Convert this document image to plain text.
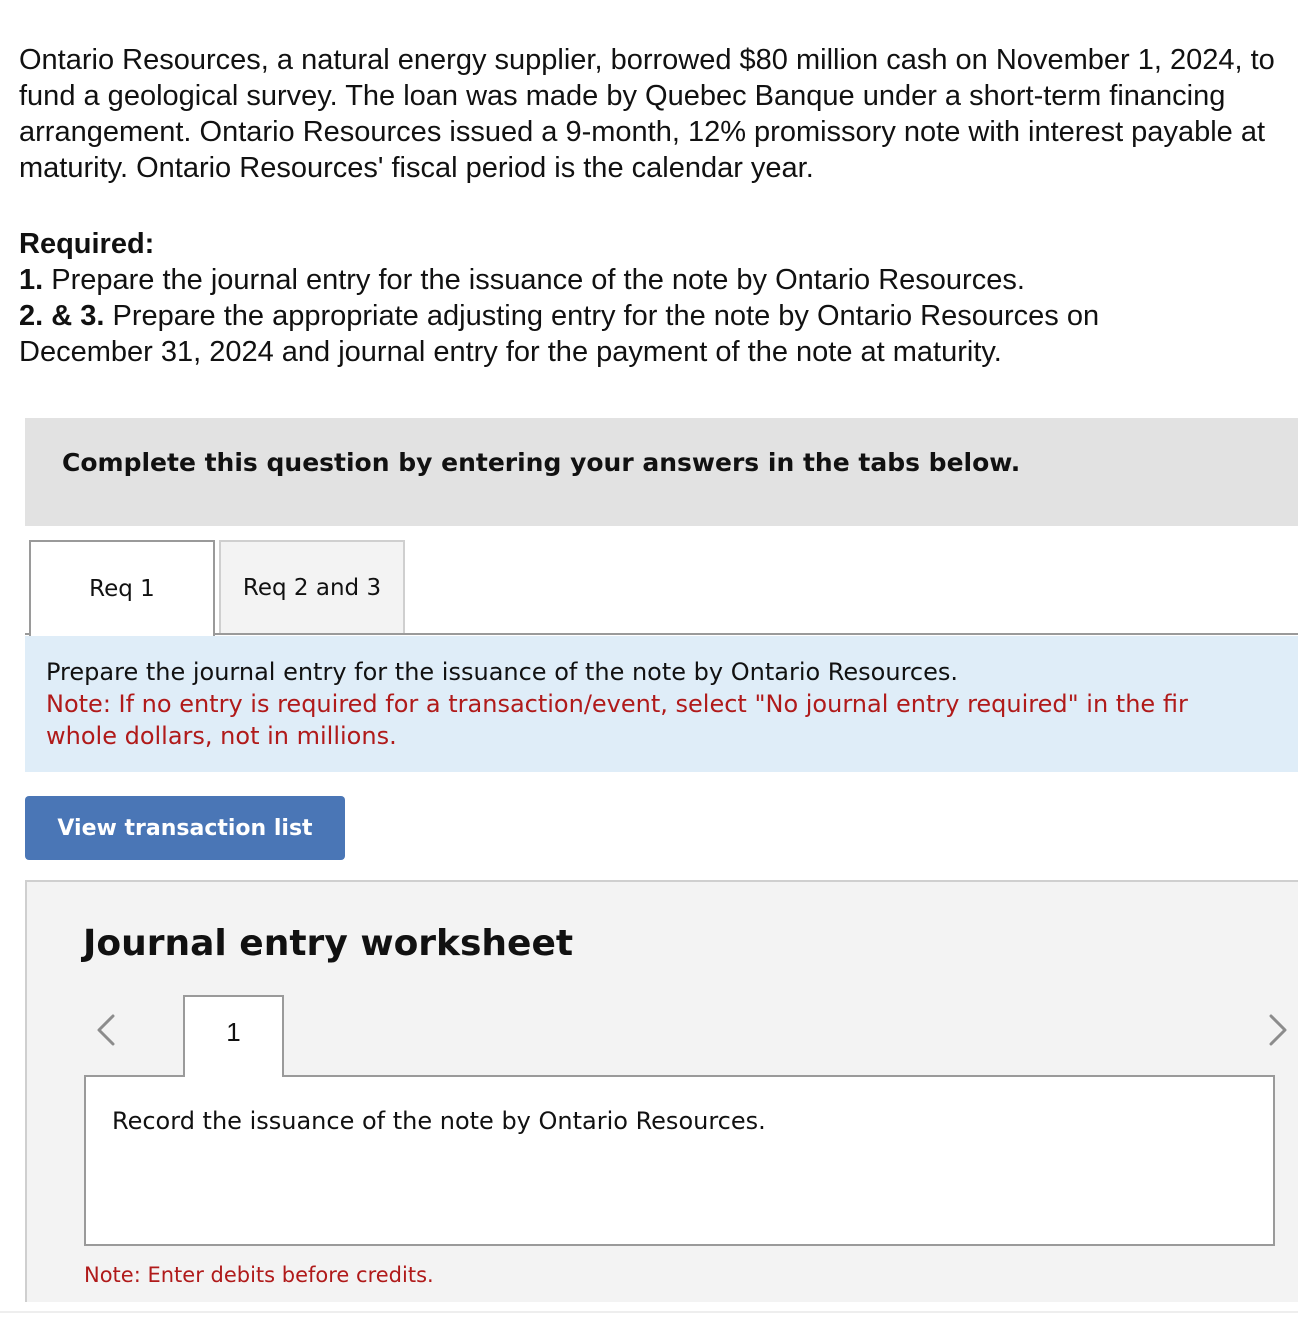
Ontario Resources, a natural energy supplier, borrowed $80 million cash on November 1, 2024, to fund a geological survey. The loan was made by Quebec Banque under a short-term financing arrangement. Ontario Resources issued a 9-month, 12% promissory note with interest payable at maturity. Ontario Resources' fiscal period is the calendar year.

Required:
1. Prepare the journal entry for the issuance of the note by Ontario Resources.
2. & 3. Prepare the appropriate adjusting entry for the note by Ontario Resources on
December 31, 2024 and journal entry for the payment of the note at maturity.
Complete this question by entering your answers in the tabs below.
Req 1	Req 2 and 3
Prepare the journal entry for the issuance of the note by Ontario Resources.
Note: If no entry is required for a transaction/event, select "No journal entry required" in the fir
whole dollars, not in millions.
View transaction list
Journal entry worksheet
1
Record the issuance of the note by Ontario Resources.
Note: Enter debits before credits.
